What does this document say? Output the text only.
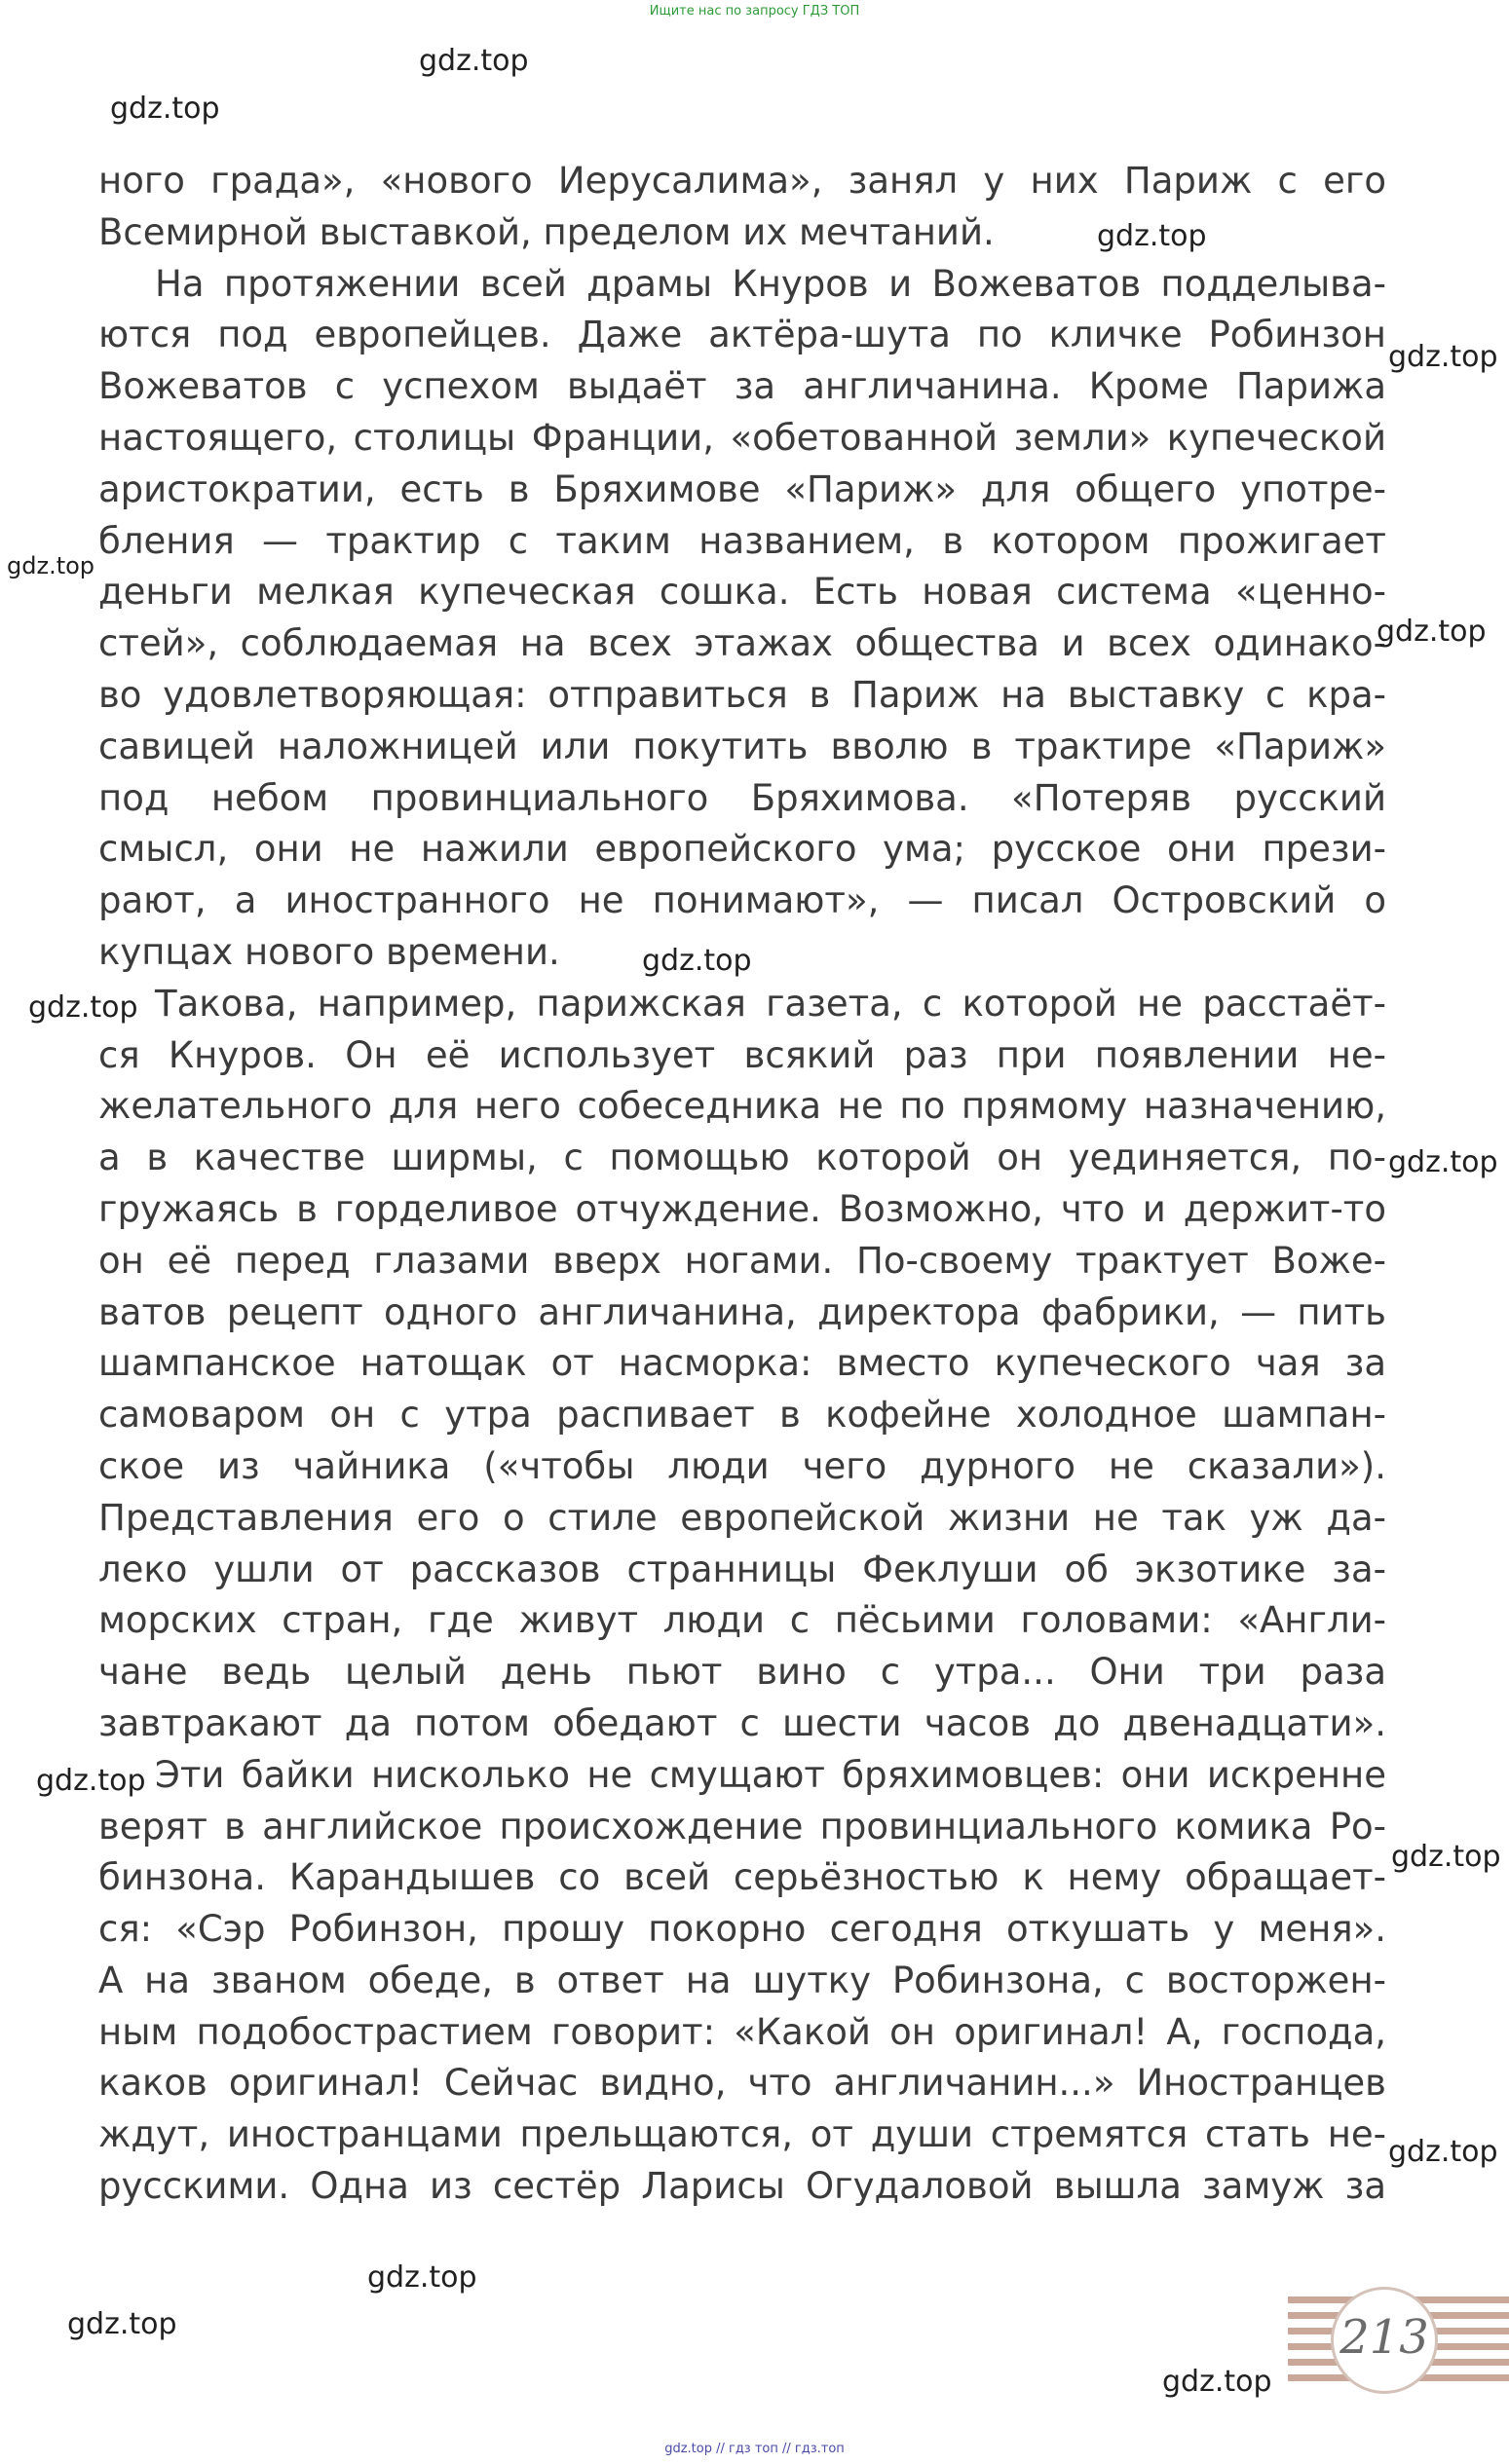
Ищите нас по запросу ГДЗ ТОП
ного града», «нового Иерусалима», занял у них Париж с его
Всемирной выставкой, пределом их мечтаний.
На протяжении всей драмы Кнуров и Вожеватов подделыва-
ются под европейцев. Даже актёра-шута по кличке Робинзон
Вожеватов с успехом выдаёт за англичанина. Кроме Парижа
настоящего, столицы Франции, «обетованной земли» купеческой
аристократии, есть в Бряхимове «Париж» для общего употре-
бления — трактир с таким названием, в котором прожигает
деньги мелкая купеческая сошка. Есть новая система «ценно-
стей», соблюдаемая на всех этажах общества и всех одинако-
во удовлетворяющая: отправиться в Париж на выставку с кра-
савицей наложницей или покутить вволю в трактире «Париж»
под небом провинциального Бряхимова. «Потеряв русский
смысл, они не нажили европейского ума; русское они прези-
рают, а иностранного не понимают», — писал Островский о
купцах нового времени.
Такова, например, парижская газета, с которой не расстаёт-
ся Кнуров. Он её использует всякий раз при появлении не-
желательного для него собеседника не по прямому назначению,
а в качестве ширмы, с помощью которой он уединяется, по-
гружаясь в горделивое отчуждение. Возможно, что и держит-то
он её перед глазами вверх ногами. По-своему трактует Воже-
ватов рецепт одного англичанина, директора фабрики, — пить
шампанское натощак от насморка: вместо купеческого чая за
самоваром он с утра распивает в кофейне холодное шампан-
ское из чайника («чтобы люди чего дурного не сказали»).
Представления его о стиле европейской жизни не так уж да-
леко ушли от рассказов странницы Феклуши об экзотике за-
морских стран, где живут люди с пёсьими головами: «Англи-
чане ведь целый день пьют вино с утра... Они три раза
завтракают да потом обедают с шести часов до двенадцати».
Эти байки нисколько не смущают бряхимовцев: они искренне
верят в английское происхождение провинциального комика Ро-
бинзона. Карандышев со всей серьёзностью к нему обращает-
ся: «Сэр Робинзон, прошу покорно сегодня откушать у меня».
А на званом обеде, в ответ на шутку Робинзона, с восторжен-
ным подобострастием говорит: «Какой он оригинал! А, господа,
каков оригинал! Сейчас видно, что англичанин...» Иностранцев
ждут, иностранцами прельщаются, от души стремятся стать не-
русскими. Одна из сестёр Ларисы Огудаловой вышла замуж за
gdz.top
gdz.top
gdz.top
gdz.top
gdz.top
gdz.top
gdz.top
gdz.top
gdz.top
gdz.top
gdz.top
gdz.top
gdz.top
gdz.top
gdz.top
213
gdz.top // гдз топ // гдз.топ
